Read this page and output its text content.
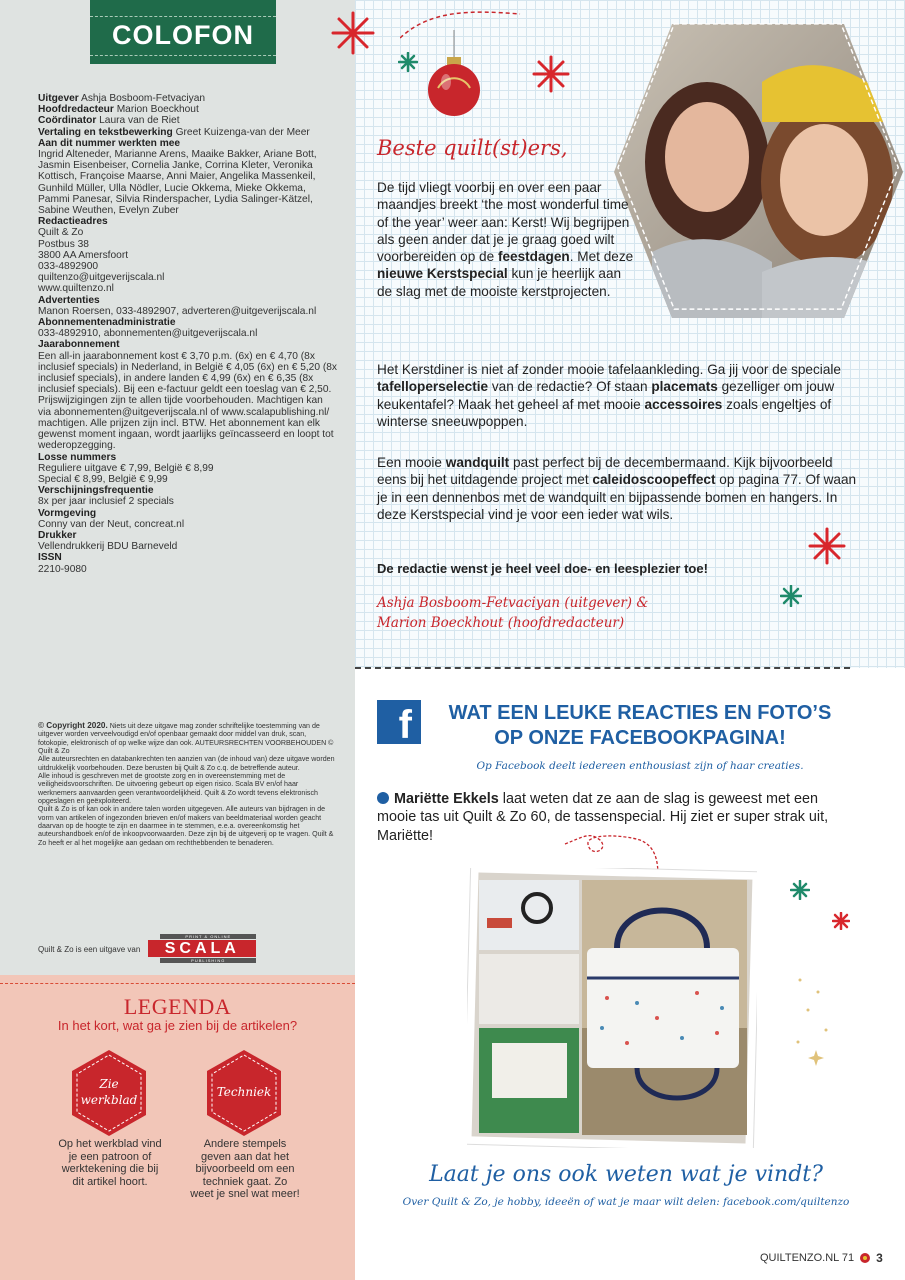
COLOFON
Uitgever Ashja Bosboom-Fetvaciyan
Hoofdredacteur Marion Boeckhout
Coördinator Laura van de Riet
Vertaling en tekstbewerking Greet Kuizenga-van der Meer
Aan dit nummer werkten mee
Ingrid Alteneder, Marianne Arens, Maaike Bakker, Ariane Bott, Jasmin Eisenbeiser, Cornelia Janke, Corrina Kleter, Veronika Kottisch, Françoise Maarse, Anni Maier, Angelika Massenkeil, Gunhild Müller, Ulla Nödler, Lucie Okkema, Mieke Okkema, Pammi Panesar, Silvia Rinderspacher, Lydia Salinger-Kätzel, Sabine Weuthen, Evelyn Zuber
Redactieadres
Quilt & Zo
Postbus 38
3800 AA Amersfoort
033-4892900
quiltenzo@uitgeverijscala.nl
www.quiltenzo.nl
Advertenties
Manon Roersen, 033-4892907, adverteren@uitgeverijscala.nl
Abonnementenadministratie
033-4892910, abonnementen@uitgeverijscala.nl
Jaarabonnement
Een all-in jaarabonnement kost € 3,70 p.m. (6x) en € 4,70 (8x inclusief specials) in Nederland, in België € 4,05 (6x) en € 5,20 (8x inclusief specials), in andere landen € 4,99 (6x) en € 6,35 (8x inclusief specials). Bij een e-factuur geldt een toeslag van € 2,50. Prijswijzigingen zijn te allen tijde voorbehouden. Machtigen kan via abonnementen@uitgeverijscala.nl of www.scalapublishing.nl/ machtigen. Alle prijzen zijn incl. BTW. Het abonnement kan elk gewenst moment ingaan, wordt jaarlijks geïncasseerd en loopt tot wederopzegging.
Losse nummers
Reguliere uitgave € 7,99, België € 8,99
Special € 8,99, België € 9,99
Verschijningsfrequentie
8x per jaar inclusief 2 specials
Vormgeving
Conny van der Neut, concreat.nl
Drukker
Vellendrukkerij BDU Barneveld
ISSN
2210-9080

© Copyright 2020. Niets uit deze uitgave mag zonder schriftelijke toestemming van de uitgever worden verveelvoudigd en/of openbaar gemaakt door middel van druk, scan, fotokopie, elektronisch of op welke wijze dan ook. AUTEURSRECHTEN VOORBEHOUDEN © Quilt & Zo

Alle auteursrechten en databankrechten ten aanzien van (de inhoud van) deze uitgave worden uitdrukkelijk voorbehouden. Deze berusten bij Quilt & Zo c.q. de betreffende auteur.

Alle inhoud is geschreven met de grootste zorg en in overeenstemming met de veiligheidsvoorschriften. De uitvoering gebeurt op eigen risico. Scala BV en/of haar werknemers aanvaarden geen verantwoordelijkheid. Quilt & Zo wordt tevens elektronisch opgeslagen en geëxploiteerd.

Quilt & Zo is of kan ook in andere talen worden uitgegeven. Alle auteurs van bijdragen in de vorm van artikelen of ingezonden brieven en/of makers van beeldmateriaal worden geacht daarvan op de hoogte te zijn en daarmee in te stemmen, e.e.a. overeenkomstig het auteurshandboek en/of de inkoopvoorwaarden. Deze zijn bij de uitgeverij op te vragen. Quilt & Zo heeft er al het mogelijke aan gedaan om rechthebbenden te benaderen.

Quilt & Zo is een uitgave van
PRINT & ONLINE
SCALA
PUBLISHING
LEGENDA
In het kort, wat ga je zien bij de artikelen?
Zie
werkblad
Techniek
Op het werkblad vind je een patroon of werktekening die bij dit artikel hoort.
Andere stempels geven aan dat het bijvoorbeeld om een techniek gaat. Zo weet je snel wat meer!
Beste quilt(st)ers,
De tijd vliegt voorbij en over een paar maandjes breekt ‘the most wonderful time of the year’ weer aan: Kerst! Wij begrijpen als geen ander dat je je graag goed wilt voorbereiden op de feestdagen. Met deze nieuwe Kerstspecial kun je heerlijk aan de slag met de mooiste kerstprojecten.
Het Kerstdiner is niet af zonder mooie tafelaankleding. Ga jij voor de speciale tafelloperselectie van de redactie? Of staan placemats gezelliger om jouw keukentafel? Maak het geheel af met mooie accessoires zoals engeltjes of winterse sneeuwpoppen.
Een mooie wandquilt past perfect bij de decembermaand. Kijk bijvoorbeeld eens bij het uitdagende project met caleidoscoopeffect op pagina 77. Of waan je in een dennenbos met de wandquilt en bijpassende bomen en hangers. In deze Kerstspecial vind je voor een ieder wat wils.
De redactie wenst je heel veel doe- en leesplezier toe!
Ashja Bosboom-Fetvaciyan (uitgever) &
Marion Boeckhout (hoofdredacteur)
f	WAT EEN LEUKE REACTIES EN FOTO’S
OP ONZE FACEBOOKPAGINA!
Op Facebook deelt iedereen enthousiast zijn of haar creaties.
Mariëtte Ekkels laat weten dat ze aan de slag is geweest met een mooie tas uit Quilt & Zo 60, de tassenspecial. Hij ziet er super strak uit, Mariëtte!
Laat je ons ook weten wat je vindt?
Over Quilt & Zo, je hobby, ideeën of wat je maar wilt delen: facebook.com/quiltenzo
QUILTENZO.NL 71 3
